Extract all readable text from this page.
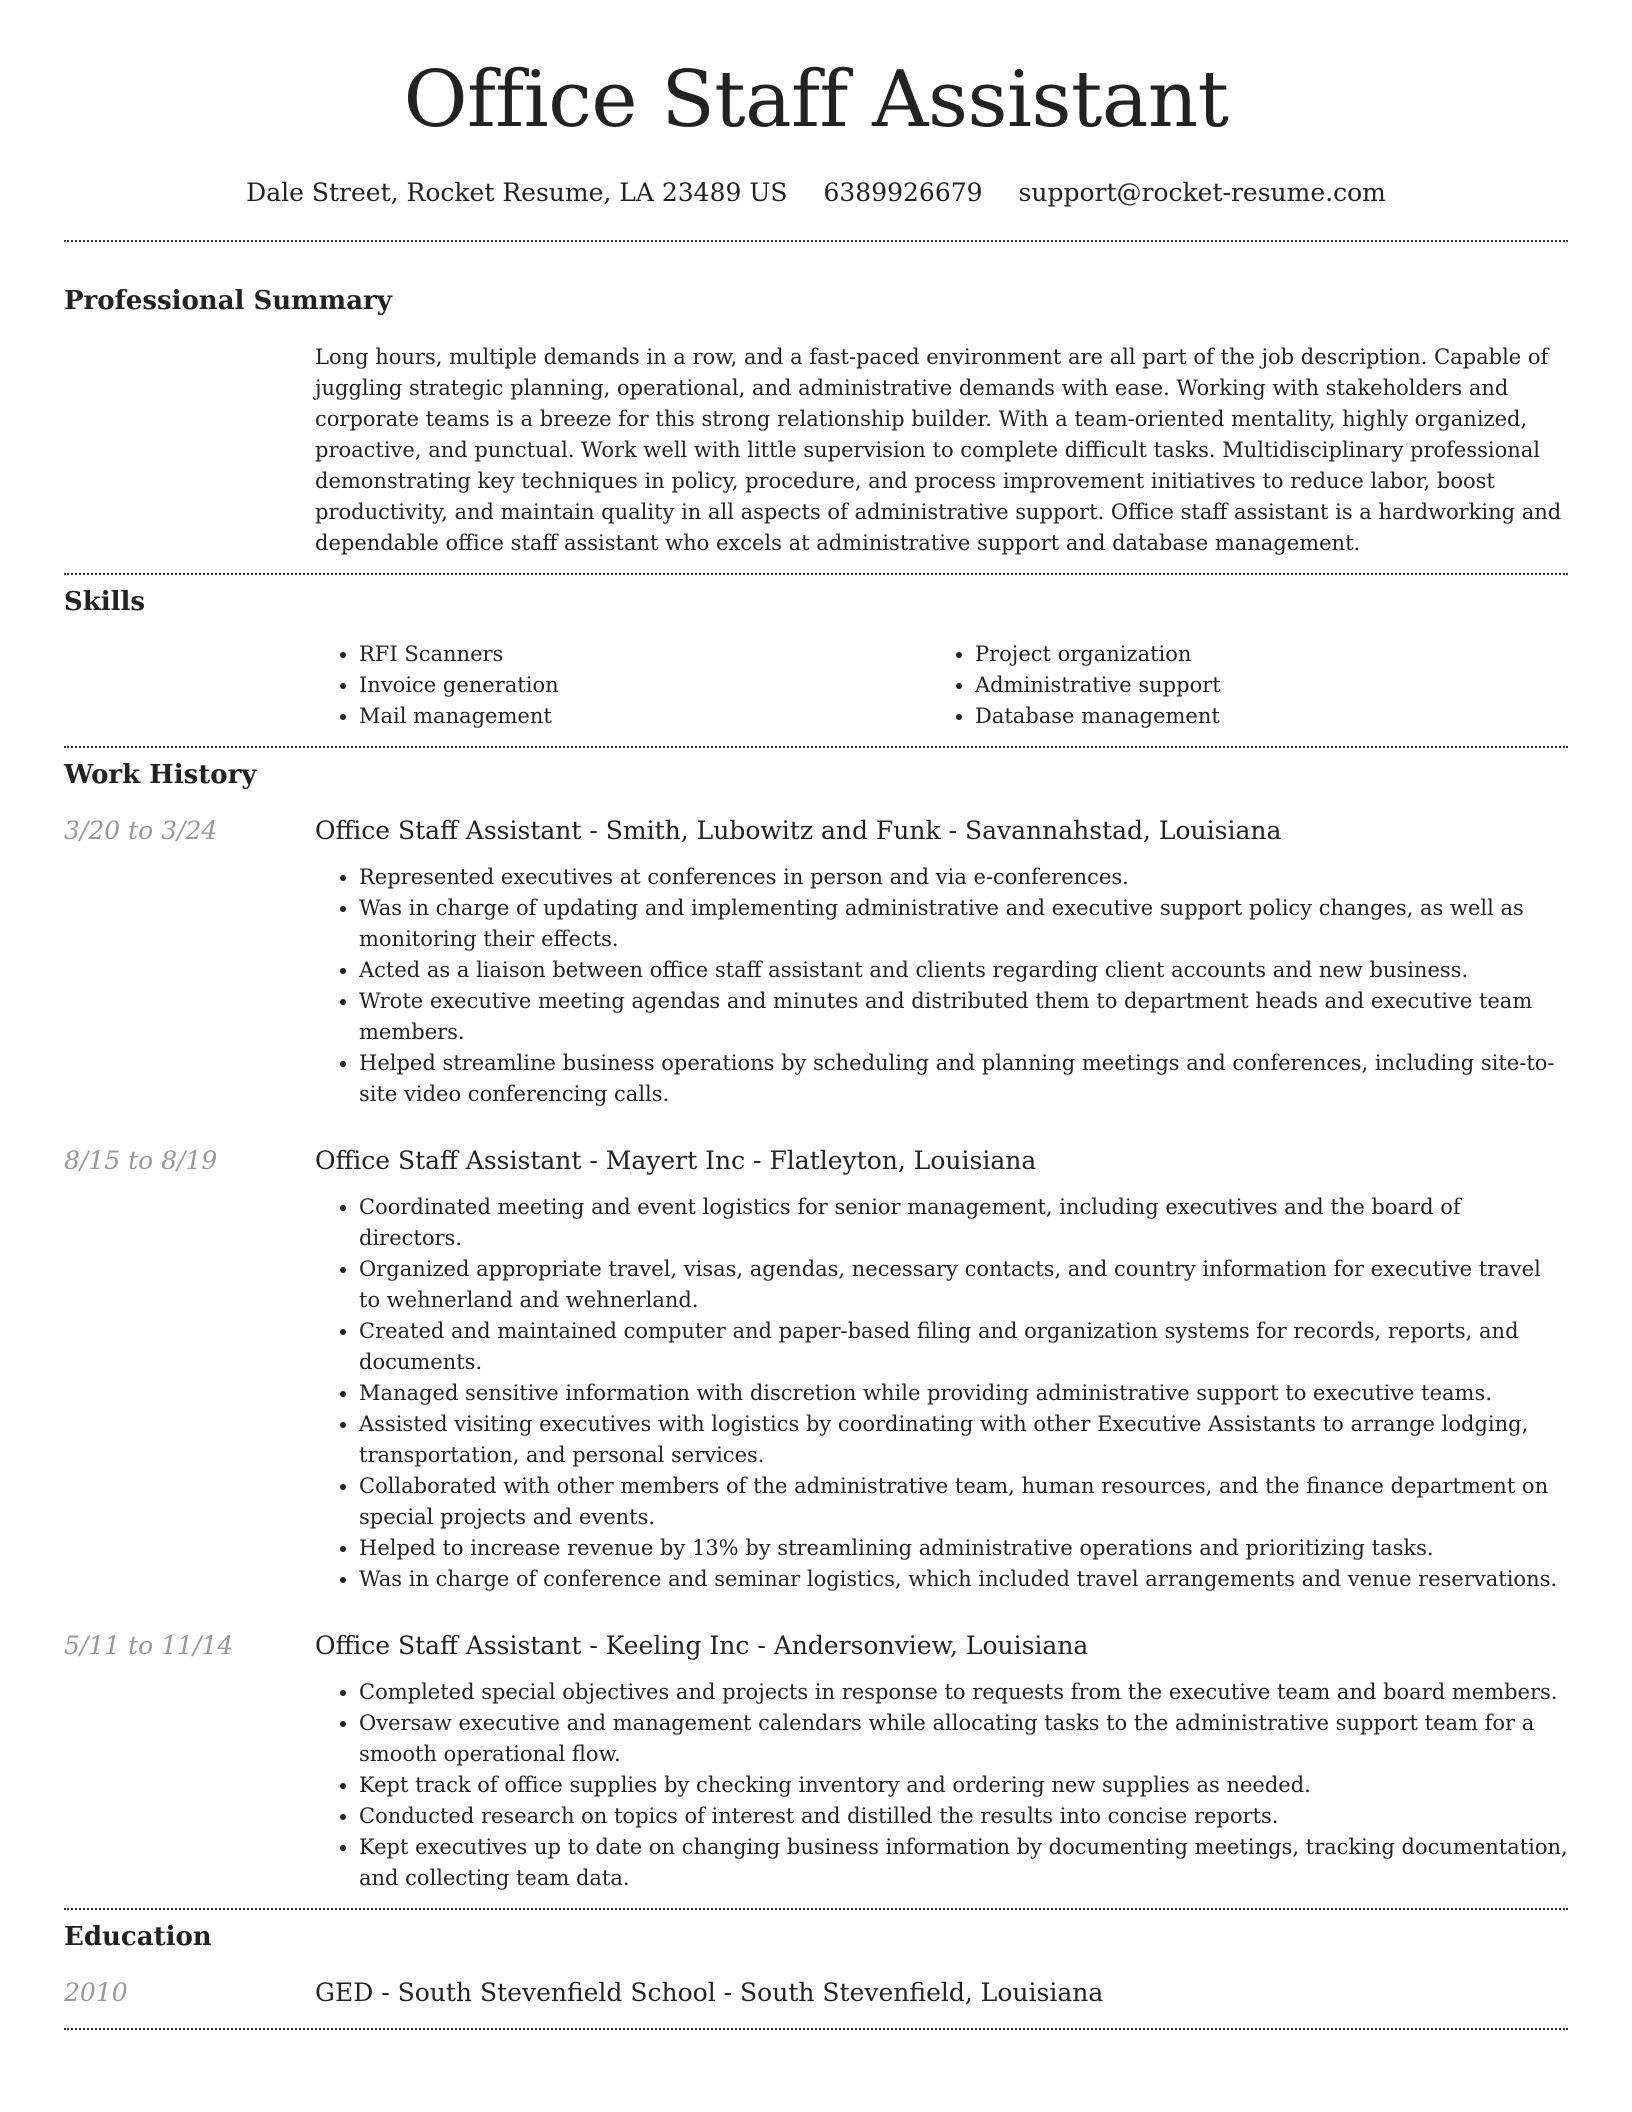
Office Staff Assistant
Dale Street, Rocket Resume, LA 23489 US 6389926679 support@rocket-resume.com
Professional Summary

Long hours, multiple demands in a row, and a fast-paced environment are all part of the job description. Capable of juggling strategic planning, operational, and administrative demands with ease. Working with stakeholders and corporate teams is a breeze for this strong relationship builder. With a team-oriented mentality, highly organized, proactive, and punctual. Work well with little supervision to complete difficult tasks. Multidisciplinary professional demonstrating key techniques in policy, procedure, and process improvement initiatives to reduce labor, boost productivity, and maintain quality in all aspects of administrative support. Office staff assistant is a hardworking and dependable office staff assistant who excels at administrative support and database management.

Skills
• RFI Scanners
• Invoice generation
• Mail management
• Project organization
• Administrative support
• Database management
Work History
3/20 to 3/24	Office Staff Assistant - Smith, Lubowitz and Funk - Savannahstad, Louisiana
• Represented executives at conferences in person and via e-conferences.
• Was in charge of updating and implementing administrative and executive support policy changes, as well as monitoring their effects.
• Acted as a liaison between office staff assistant and clients regarding client accounts and new business.
• Wrote executive meeting agendas and minutes and distributed them to department heads and executive team members.
• Helped streamline business operations by scheduling and planning meetings and conferences, including site-to-site video conferencing calls.
8/15 to 8/19	Office Staff Assistant - Mayert Inc - Flatleyton, Louisiana
• Coordinated meeting and event logistics for senior management, including executives and the board of directors.
• Organized appropriate travel, visas, agendas, necessary contacts, and country information for executive travel to wehnerland and wehnerland.
• Created and maintained computer and paper-based filing and organization systems for records, reports, and documents.
• Managed sensitive information with discretion while providing administrative support to executive teams.
• Assisted visiting executives with logistics by coordinating with other Executive Assistants to arrange lodging, transportation, and personal services.
• Collaborated with other members of the administrative team, human resources, and the finance department on special projects and events.
• Helped to increase revenue by 13% by streamlining administrative operations and prioritizing tasks.
• Was in charge of conference and seminar logistics, which included travel arrangements and venue reservations.
5/11 to 11/14	Office Staff Assistant - Keeling Inc - Andersonview, Louisiana
• Completed special objectives and projects in response to requests from the executive team and board members.
• Oversaw executive and management calendars while allocating tasks to the administrative support team for a smooth operational flow.
• Kept track of office supplies by checking inventory and ordering new supplies as needed.
• Conducted research on topics of interest and distilled the results into concise reports.
• Kept executives up to date on changing business information by documenting meetings, tracking documentation, and collecting team data.
Education
2010	GED - South Stevenfield School - South Stevenfield, Louisiana
